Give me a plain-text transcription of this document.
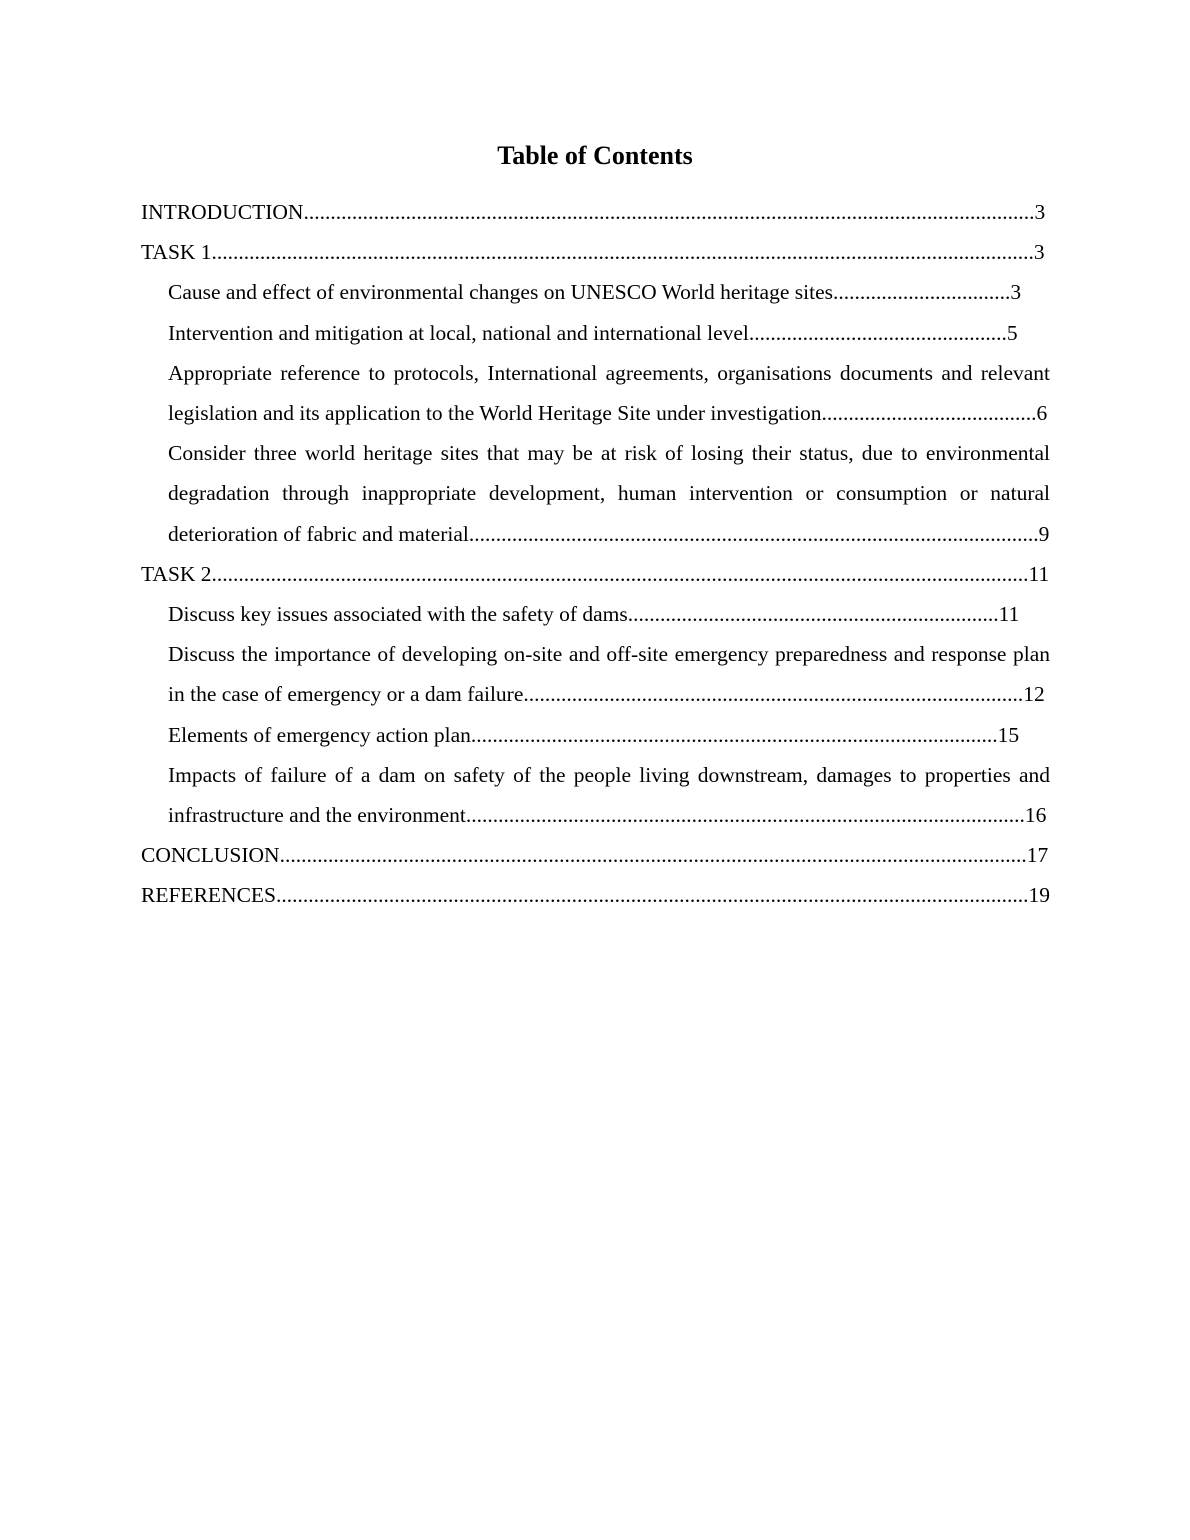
Table of Contents
INTRODUCTION........................................................................................................................................3
TASK 1.........................................................................................................................................................3
Cause and effect of environmental changes on UNESCO World heritage sites.................................3
Intervention and mitigation at local, national and international level................................................5
Appropriate reference to protocols, International agreements, organisations documents and relevant legislation and its application to the World Heritage Site under investigation........................................6
Consider three world heritage sites that may be at risk of losing their status, due to environmental degradation through inappropriate development, human intervention or consumption or natural deterioration of fabric and material..........................................................................................................9
TASK 2........................................................................................................................................................11
Discuss key issues associated with the safety of dams.....................................................................11
Discuss the importance of developing on-site and off-site emergency preparedness and response plan in the case of emergency or a dam failure.............................................................................................12
Elements of emergency action plan..................................................................................................15
Impacts of failure of a dam on safety of the people living downstream, damages to properties and infrastructure and the environment........................................................................................................16
CONCLUSION...........................................................................................................................................17
REFERENCES............................................................................................................................................19
